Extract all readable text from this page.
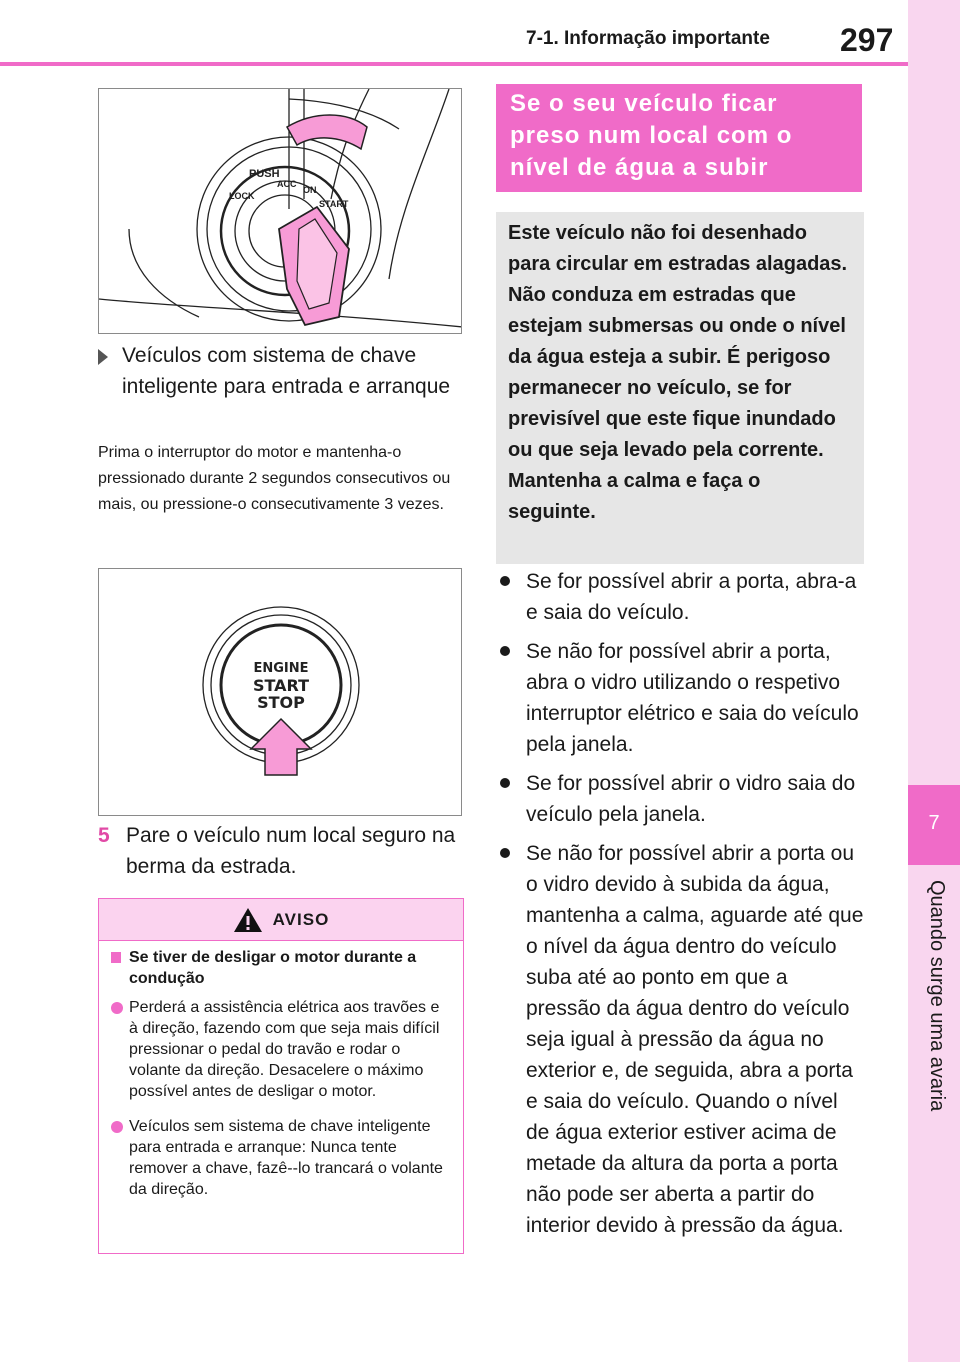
7-1. Informação importante 297
7
Quando surge uma avaria
LOCK
PUSH
ACC
ON
START
Veículos com sistema de chave inteligente para entrada e arranque
Prima o interruptor do motor e mantenha-o pressionado durante 2 segundos consecutivos ou mais, ou pressione-o consecutivamente 3 vezes.
ENGINE
START
STOP
5 Pare o veículo num local seguro na berma da estrada.
AVISO
Se tiver de desligar o motor durante a condução
Perderá a assistência elétrica aos travões e à direção, fazendo com que seja mais difícil pressionar o pedal do travão e rodar o volante da direção. Desacelere o máximo possível antes de desligar o motor.
Veículos sem sistema de chave inteligente para entrada e arranque: Nunca tente remover a chave, fazê--lo trancará o volante da direção.
Se o seu veículo ficar preso num local com o nível de água a subir
Este veículo não foi desenhado para circular em estradas alagadas. Não conduza em estradas que estejam submersas ou onde o nível da água esteja a subir. É perigoso permanecer no veículo, se for previsível que este fique inundado ou que seja levado pela corrente. Mantenha a calma e faça o seguinte.
Se for possível abrir a porta, abra-a e saia do veículo.
Se não for possível abrir a porta, abra o vidro utilizando o respetivo interruptor elétrico e saia do veículo pela janela.
Se for possível abrir o vidro saia do veículo pela janela.
Se não for possível abrir a porta ou o vidro devido à subida da água, mantenha a calma, aguarde até que o nível da água dentro do veículo suba até ao ponto em que a pressão da água dentro do veículo seja igual à pressão da água no exterior e, de seguida, abra a porta e saia do veículo. Quando o nível de água exterior estiver acima de metade da altura da porta a porta não pode ser aberta a partir do interior devido à pressão da água.
